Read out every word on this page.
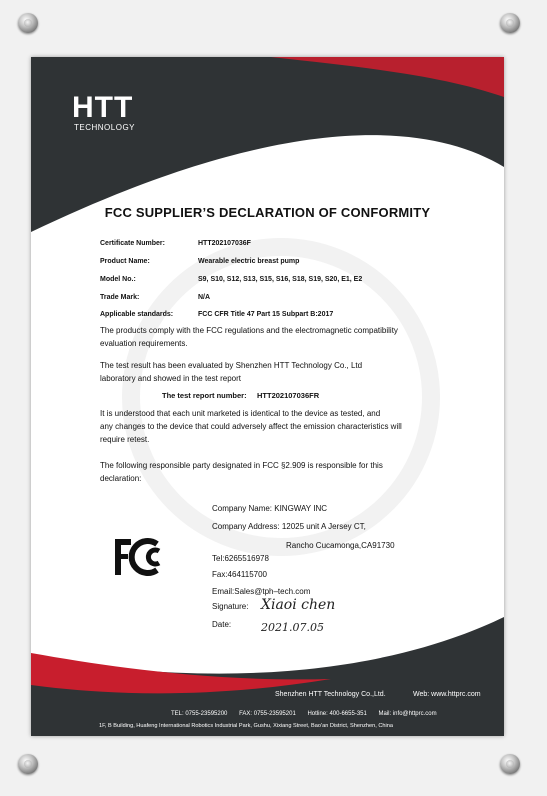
HTT
TECHNOLOGY
FCC SUPPLIER’S DECLARATION OF CONFORMITY
Certificate Number:	HTT202107036F
Product Name:	Wearable electric breast pump
Model No.:	S9, S10, S12, S13, S15, S16, S18, S19, S20, E1, E2
Trade Mark:	N/A
Applicable standards:	FCC CFR Title 47 Part 15 Subpart B:2017
The products comply with the FCC regulations and the electromagnetic compatibility
evaluation requirements.
The test result has been evaluated by Shenzhen HTT Technology Co., Ltd
laboratory and showed in the test report
The test report number: HTT202107036FR
It is understood that each unit marketed is identical to the device as tested, and
any changes to the device that could adversely affect the emission characteristics will
require retest.
The following responsible party designated in FCC §2.909 is responsible for this
declaration:
Company Name: KINGWAY INC
Company Address: 12025 unit A Jersey CT,
Rancho Cucamonga,CA91730
Tel:6265516978
Fax:464115700
Email:Sales@tph–tech.com
Signature: Xiaoi chen
Date:	2021.07.05
Shenzhen HTT Technology Co.,Ltd.	Web: www.httprc.com
TEL: 0755-23595200 FAX: 0755-23595201 Hotline: 400-6655-351 Mail: info@httprc.com
1F, B Building, Huafeng International Robotics Industrial Park, Gushu, Xixiang Street, Bao'an District, Shenzhen, China
